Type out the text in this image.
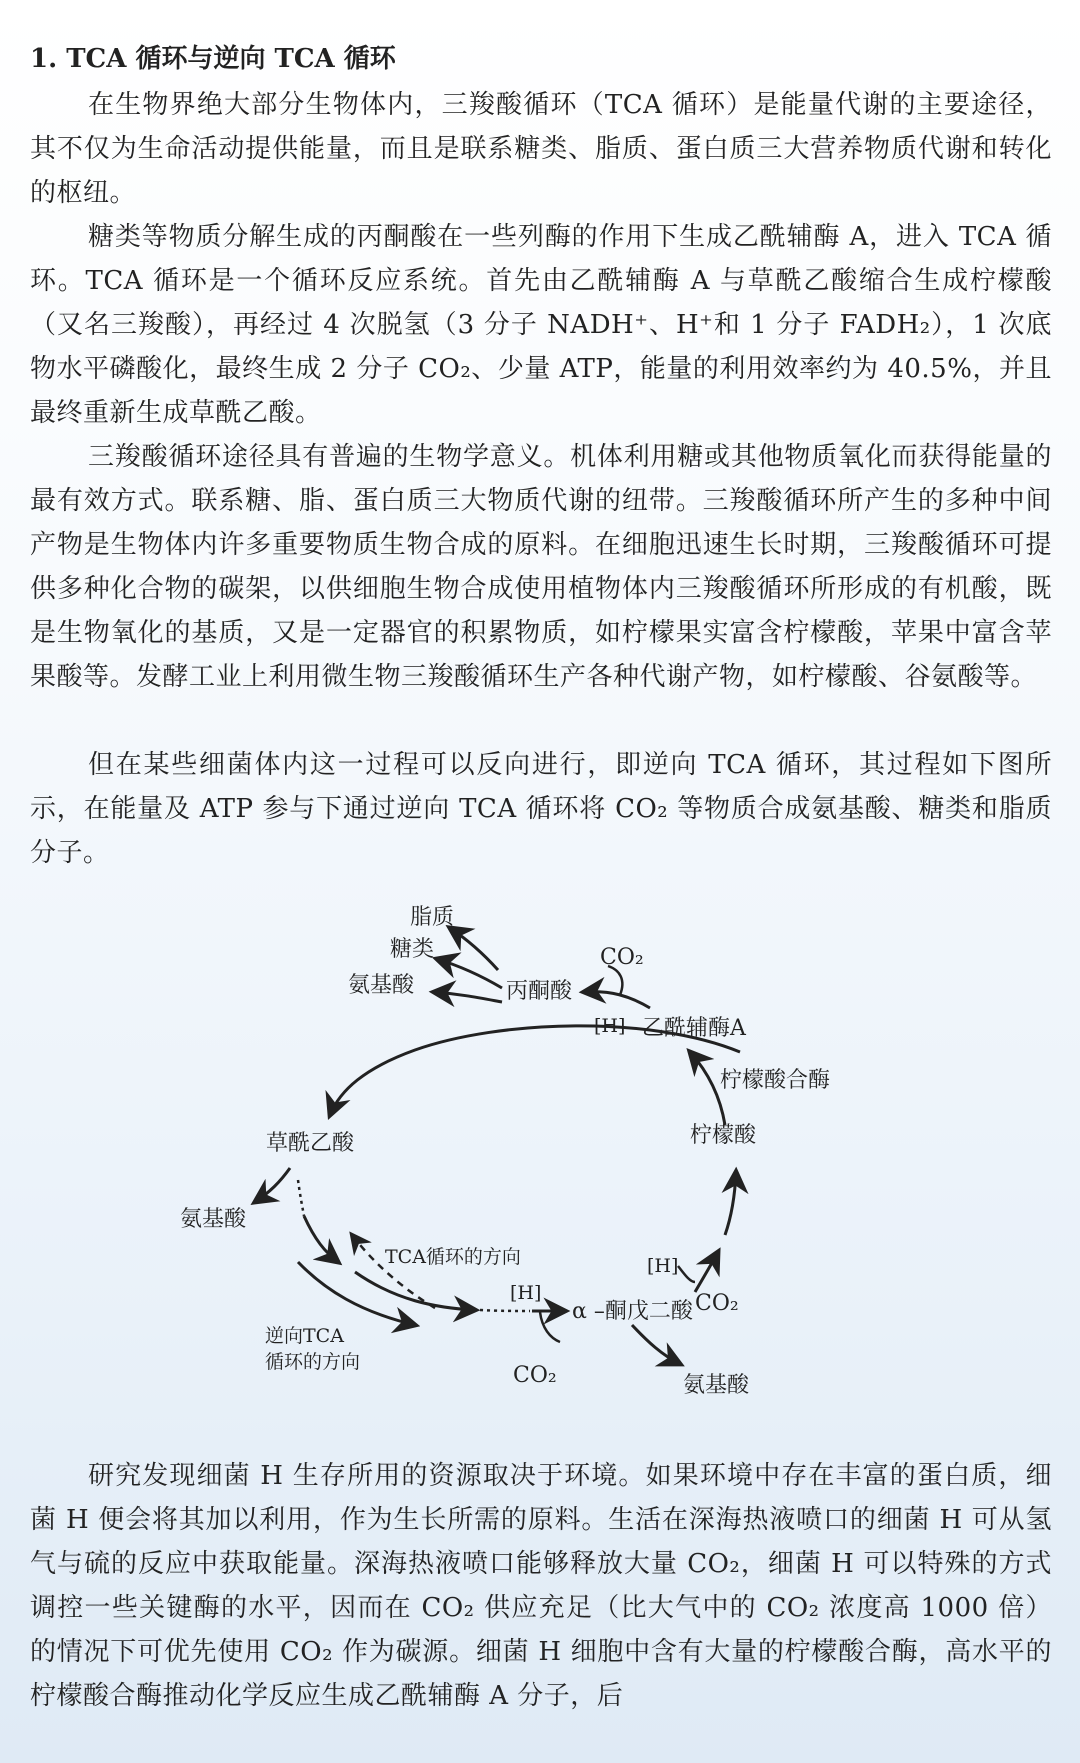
1. TCA 循环与逆向 TCA 循环

在生物界绝大部分生物体内，三羧酸循环（TCA 循环）是能量代谢的主要途径，其不仅为生命活动提供能量，而且是联系糖类、脂质、蛋白质三大营养物质代谢和转化的枢纽。

糖类等物质分解生成的丙酮酸在一些列酶的作用下生成乙酰辅酶 A，进入 TCA 循环。TCA 循环是一个循环反应系统。首先由乙酰辅酶 A 与草酰乙酸缩合生成柠檬酸（又名三羧酸），再经过 4 次脱氢（3 分子 NADH⁺、H⁺和 1 分子 FADH₂），1 次底物水平磷酸化，最终生成 2 分子 CO₂、少量 ATP，能量的利用效率约为 40.5%，并且最终重新生成草酰乙酸。

三羧酸循环途径具有普遍的生物学意义。机体利用糖或其他物质氧化而获得能量的最有效方式。联系糖、脂、蛋白质三大物质代谢的纽带。三羧酸循环所产生的多种中间产物是生物体内许多重要物质生物合成的原料。在细胞迅速生长时期，三羧酸循环可提供多种化合物的碳架，以供细胞生物合成使用植物体内三羧酸循环所形成的有机酸，既是生物氧化的基质，又是一定器官的积累物质，如柠檬果实富含柠檬酸，苹果中富含苹果酸等。发酵工业上利用微生物三羧酸循环生产各种代谢产物，如柠檬酸、谷氨酸等。

但在某些细菌体内这一过程可以反向进行，即逆向 TCA 循环，其过程如下图所示，在能量及 ATP 参与下通过逆向 TCA 循环将 CO₂ 等物质合成氨基酸、糖类和脂质分子。

脂质
糖类
氨基酸	丙酮酸
CO₂
[H] 乙酰辅酶A
柠檬酸合酶
柠檬酸
草酰乙酸
氨基酸
[H]
CO₂
α –酮戊二酸
TCA循环的方向
逆向TCA
循环的方向
[H]
CO₂
氨基酸

研究发现细菌 H 生存所用的资源取决于环境。如果环境中存在丰富的蛋白质，细菌 H 便会将其加以利用，作为生长所需的原料。生活在深海热液喷口的细菌 H 可从氢气与硫的反应中获取能量。深海热液喷口能够释放大量 CO₂，细菌 H 可以特殊的方式调控一些关键酶的水平，因而在 CO₂ 供应充足（比大气中的 CO₂ 浓度高 1000 倍）的情况下可优先使用 CO₂ 作为碳源。细菌 H 细胞中含有大量的柠檬酸合酶，高水平的柠檬酸合酶推动化学反应生成乙酰辅酶 A 分子，后
